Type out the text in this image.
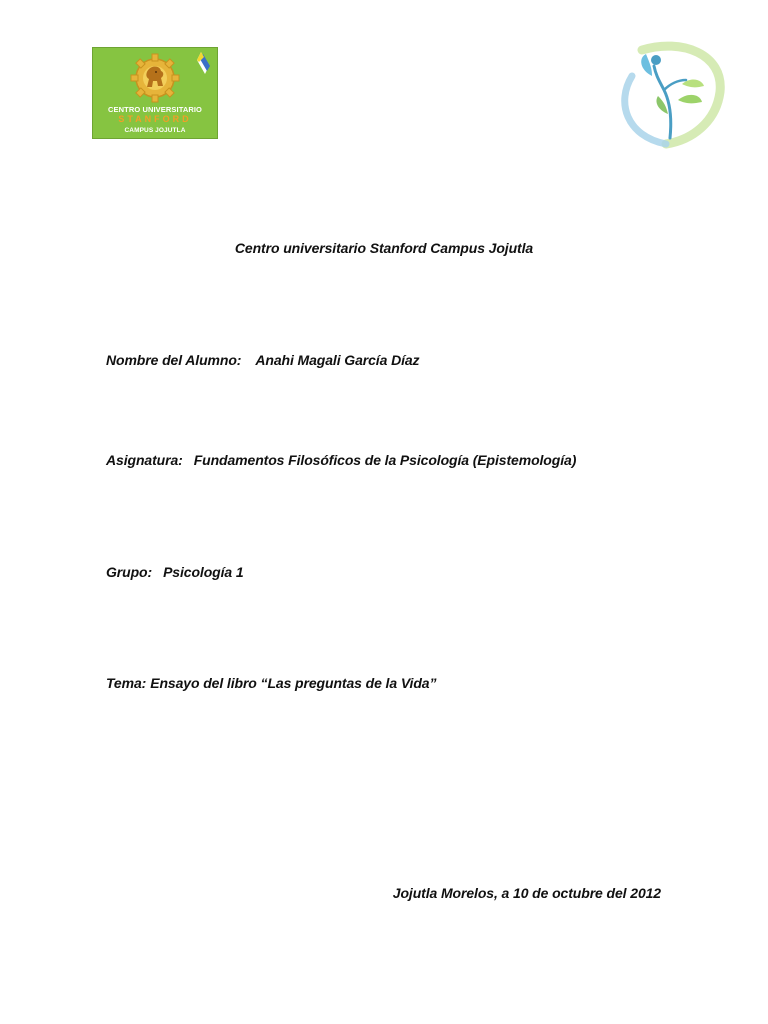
CENTRO UNIVERSITARIO
STANFORD
CAMPUS JOJUTLA
Centro universitario Stanford Campus Jojutla
Nombre del Alumno: Anahi Magali García Díaz
Asignatura: Fundamentos Filosóficos de la Psicología (Epistemología)
Grupo: Psicología 1
Tema: Ensayo del libro “Las preguntas de la Vida”
Jojutla Morelos, a 10 de octubre del 2012
